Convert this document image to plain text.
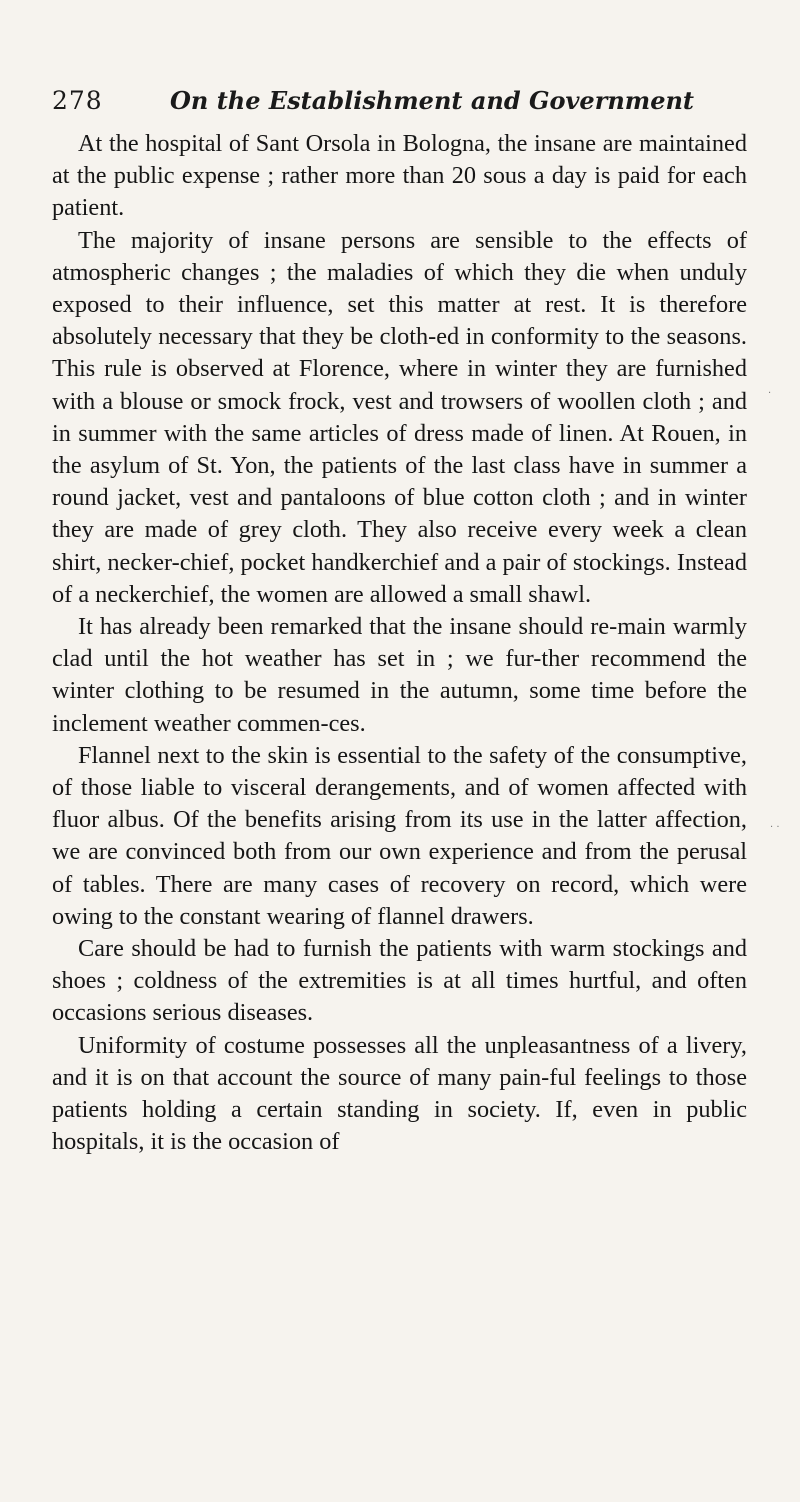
278	On the Establishment and Government

At the hospital of Sant Orsola in Bologna, the insane are maintained at the public expense ; rather more than 20 sous a day is paid for each patient.

The majority of insane persons are sensible to the effects of atmospheric changes ; the maladies of which they die when unduly exposed to their influence, set this matter at rest. It is therefore absolutely necessary that they be cloth-ed in conformity to the seasons. This rule is observed at Florence, where in winter they are furnished with a blouse or smock frock, vest and trowsers of woollen cloth ; and in summer with the same articles of dress made of linen. At Rouen, in the asylum of St. Yon, the patients of the last class have in summer a round jacket, vest and pantaloons of blue cotton cloth ; and in winter they are made of grey cloth. They also receive every week a clean shirt, necker-chief, pocket handkerchief and a pair of stockings. Instead of a neckerchief, the women are allowed a small shawl.

It has already been remarked that the insane should re-main warmly clad until the hot weather has set in ; we fur-ther recommend the winter clothing to be resumed in the autumn, some time before the inclement weather commen-ces.

Flannel next to the skin is essential to the safety of the consumptive, of those liable to visceral derangements, and of women affected with fluor albus. Of the benefits arising from its use in the latter affection, we are convinced both from our own experience and from the perusal of tables. There are many cases of recovery on record, which were owing to the constant wearing of flannel drawers.

Care should be had to furnish the patients with warm stockings and shoes ; coldness of the extremities is at all times hurtful, and often occasions serious diseases.

Uniformity of costume possesses all the unpleasantness of a livery, and it is on that account the source of many pain-ful feelings to those patients holding a certain standing in society. If, even in public hospitals, it is the occasion of

·
· ·
